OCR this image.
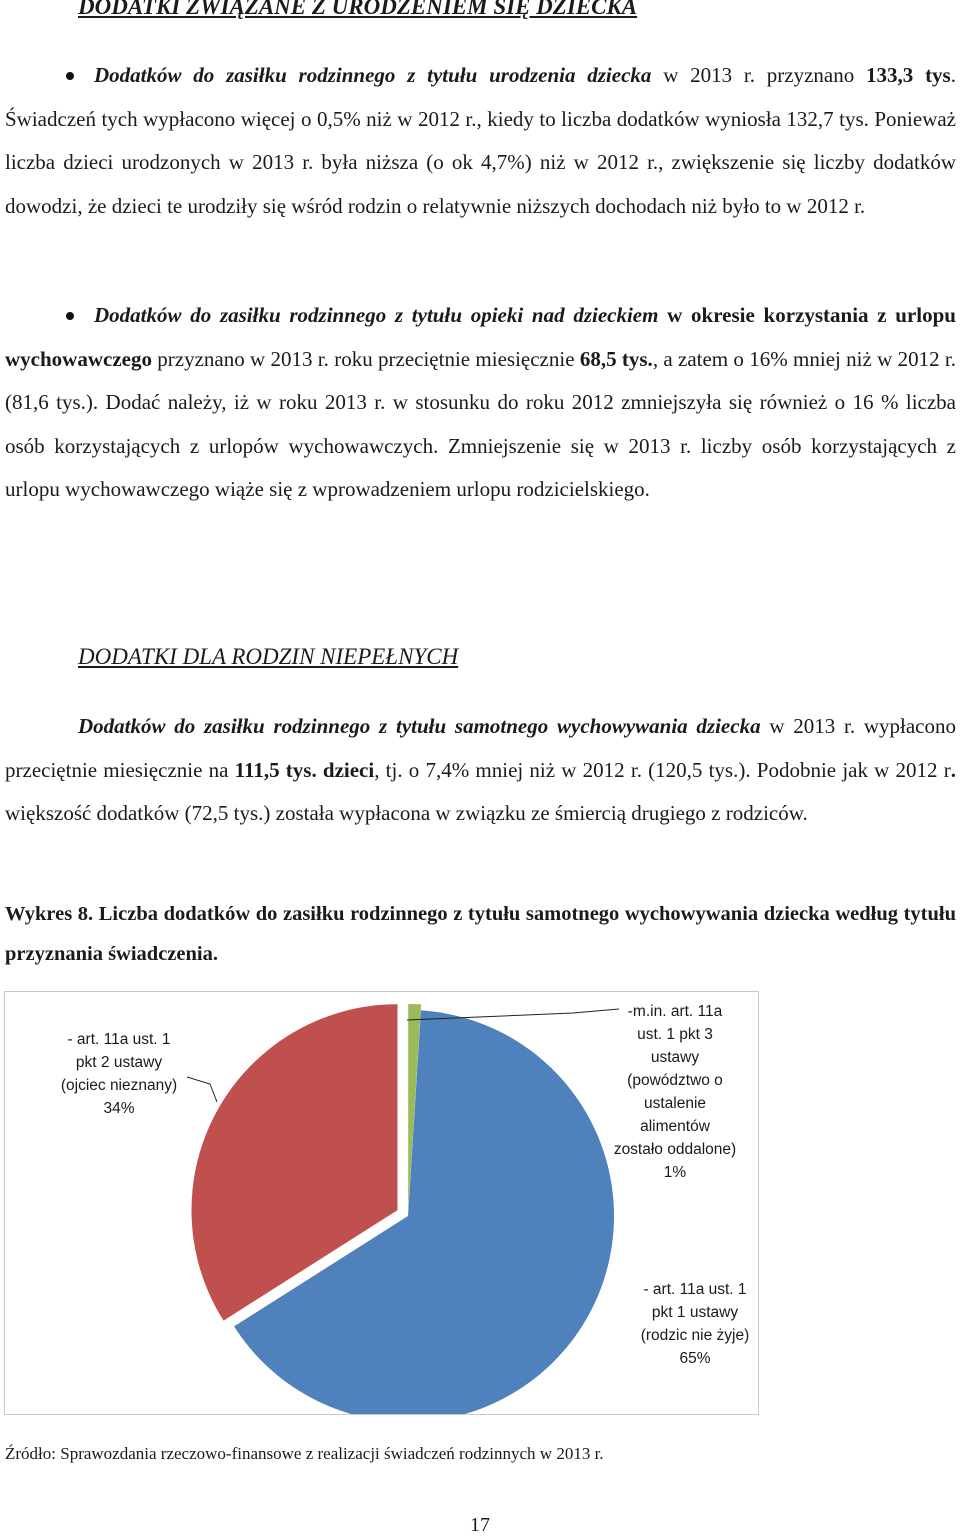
DODATKI ZWIĄZANE Z URODZENIEM SIĘ DZIECKA

Dodatków do zasiłku rodzinnego z tytułu urodzenia dziecka w 2013 r. przyznano 133,3 tys. Świadczeń tych wypłacono więcej o 0,5% niż w 2012 r., kiedy to liczba dodatków wyniosła 132,7 tys. Ponieważ liczba dzieci urodzonych w 2013 r. była niższa (o ok 4,7%) niż w 2012 r., zwiększenie się liczby dodatków dowodzi, że dzieci te urodziły się wśród rodzin o relatywnie niższych dochodach niż było to w 2012 r.

Dodatków do zasiłku rodzinnego z tytułu opieki nad dzieckiem w okresie korzystania z urlopu wychowawczego przyznano w 2013 r. roku przeciętnie miesięcznie 68,5 tys., a zatem o 16% mniej niż w 2012 r. (81,6 tys.). Dodać należy, iż w roku 2013 r. w stosunku do roku 2012 zmniejszyła się również o 16 % liczba osób korzystających z urlopów wychowawczych. Zmniejszenie się w 2013 r. liczby osób korzystających z urlopu wychowawczego wiąże się z wprowadzeniem urlopu rodzicielskiego.

DODATKI DLA RODZIN NIEPEŁNYCH

Dodatków do zasiłku rodzinnego z tytułu samotnego wychowywania dziecka w 2013 r. wypłacono przeciętnie miesięcznie na 111,5 tys. dzieci, tj. o 7,4% mniej niż w 2012 r. (120,5 tys.). Podobnie jak w 2012 r. większość dodatków (72,5 tys.) została wypłacona w związku ze śmiercią drugiego z rodziców.

Wykres 8. Liczba dodatków do zasiłku rodzinnego z tytułu samotnego wychowywania dziecka według tytułu przyznania świadczenia.

- art. 11a ust. 1
pkt 1 ustawy
(rodzic nie żyje)
65%
- art. 11a ust. 1
pkt 2 ustawy
(ojciec nieznany)
34%
-m.in. art. 11a
ust. 1 pkt 3
ustawy
(powództwo o
ustalenie
alimentów
zostało oddalone)
1%
Źródło: Sprawozdania rzeczowo-finansowe z realizacji świadczeń rodzinnych w 2013 r.
17
